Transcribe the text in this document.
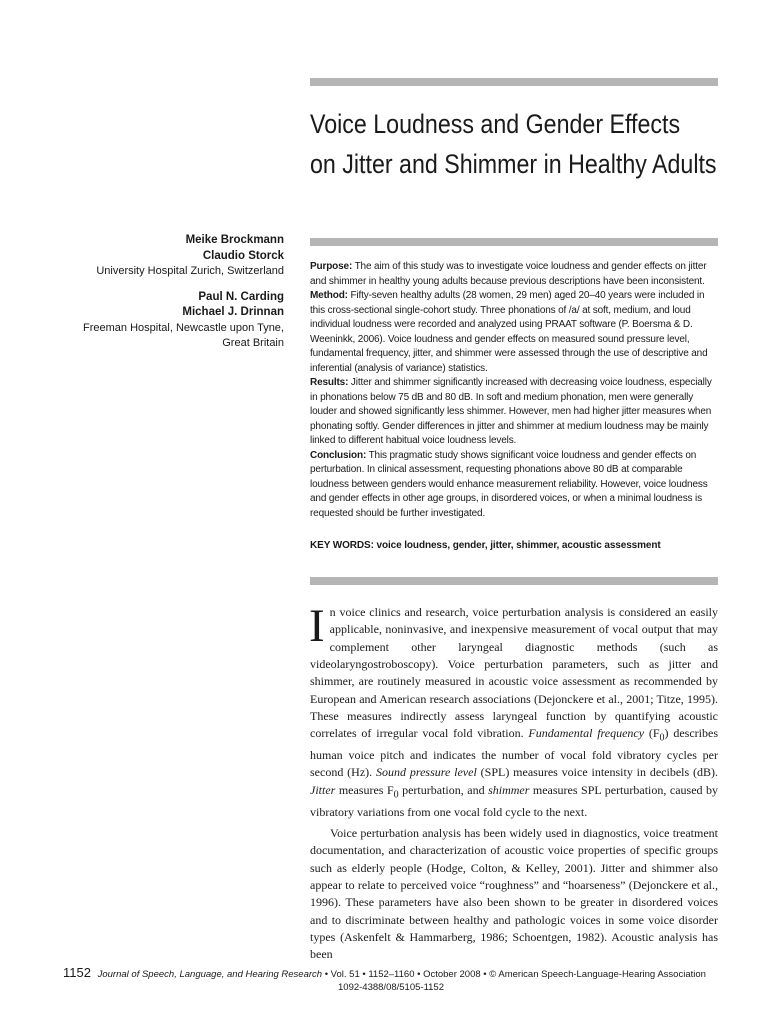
Voice Loudness and Gender Effects
on Jitter and Shimmer in Healthy Adults
Meike Brockmann
Claudio Storck
University Hospital Zurich, Switzerland
Paul N. Carding
Michael J. Drinnan
Freeman Hospital, Newcastle upon Tyne,
Great Britain

Purpose: The aim of this study was to investigate voice loudness and gender effects on jitter and shimmer in healthy young adults because previous descriptions have been inconsistent.

Method: Fifty-seven healthy adults (28 women, 29 men) aged 20–40 years were included in this cross-sectional single-cohort study. Three phonations of /a/ at soft, medium, and loud individual loudness were recorded and analyzed using PRAAT software (P. Boersma & D. Weeninkk, 2006). Voice loudness and gender effects on measured sound pressure level, fundamental frequency, jitter, and shimmer were assessed through the use of descriptive and inferential (analysis of variance) statistics.

Results: Jitter and shimmer significantly increased with decreasing voice loudness, especially in phonations below 75 dB and 80 dB. In soft and medium phonation, men were generally louder and showed significantly less shimmer. However, men had higher jitter measures when phonating softly. Gender differences in jitter and shimmer at medium loudness may be mainly linked to different habitual voice loudness levels.

Conclusion: This pragmatic study shows significant voice loudness and gender effects on perturbation. In clinical assessment, requesting phonations above 80 dB at comparable loudness between genders would enhance measurement reliability. However, voice loudness and gender effects in other age groups, in disordered voices, or when a minimal loudness is requested should be further investigated.

KEY WORDS: voice loudness, gender, jitter, shimmer, acoustic assessment

In voice clinics and research, voice perturbation analysis is considered an easily applicable, noninvasive, and inexpensive measurement of vocal output that may complement other laryngeal diagnostic methods (such as videolaryngostroboscopy). Voice perturbation parameters, such as jitter and shimmer, are routinely measured in acoustic voice assessment as recommended by European and American research associations (Dejonckere et al., 2001; Titze, 1995). These measures indirectly assess laryngeal function by quantifying acoustic correlates of irregular vocal fold vibration. Fundamental frequency $(F_0)$ describes human voice pitch and indicates the number of vocal fold vibratory cycles per second (Hz). Sound pressure level (SPL) measures voice intensity in decibels (dB). Jitter measures $F_0$ perturbation, and shimmer measures SPL perturbation, caused by vibratory variations from one vocal fold cycle to the next.

Voice perturbation analysis has been widely used in diagnostics, voice treatment documentation, and characterization of acoustic voice properties of specific groups such as elderly people (Hodge, Colton, & Kelley, 2001). Jitter and shimmer also appear to relate to perceived voice “roughness” and “hoarseness” (Dejonckere et al., 1996). These parameters have also been shown to be greater in disordered voices and to discriminate between healthy and pathologic voices in some voice disorder types (Askenfelt & Hammarberg, 1986; Schoentgen, 1982). Acoustic analysis has been

1152 Journal of Speech, Language, and Hearing Research • Vol. 51 • 1152–1160 • October 2008 • © American Speech-Language-Hearing Association
1092-4388/08/5105-1152
